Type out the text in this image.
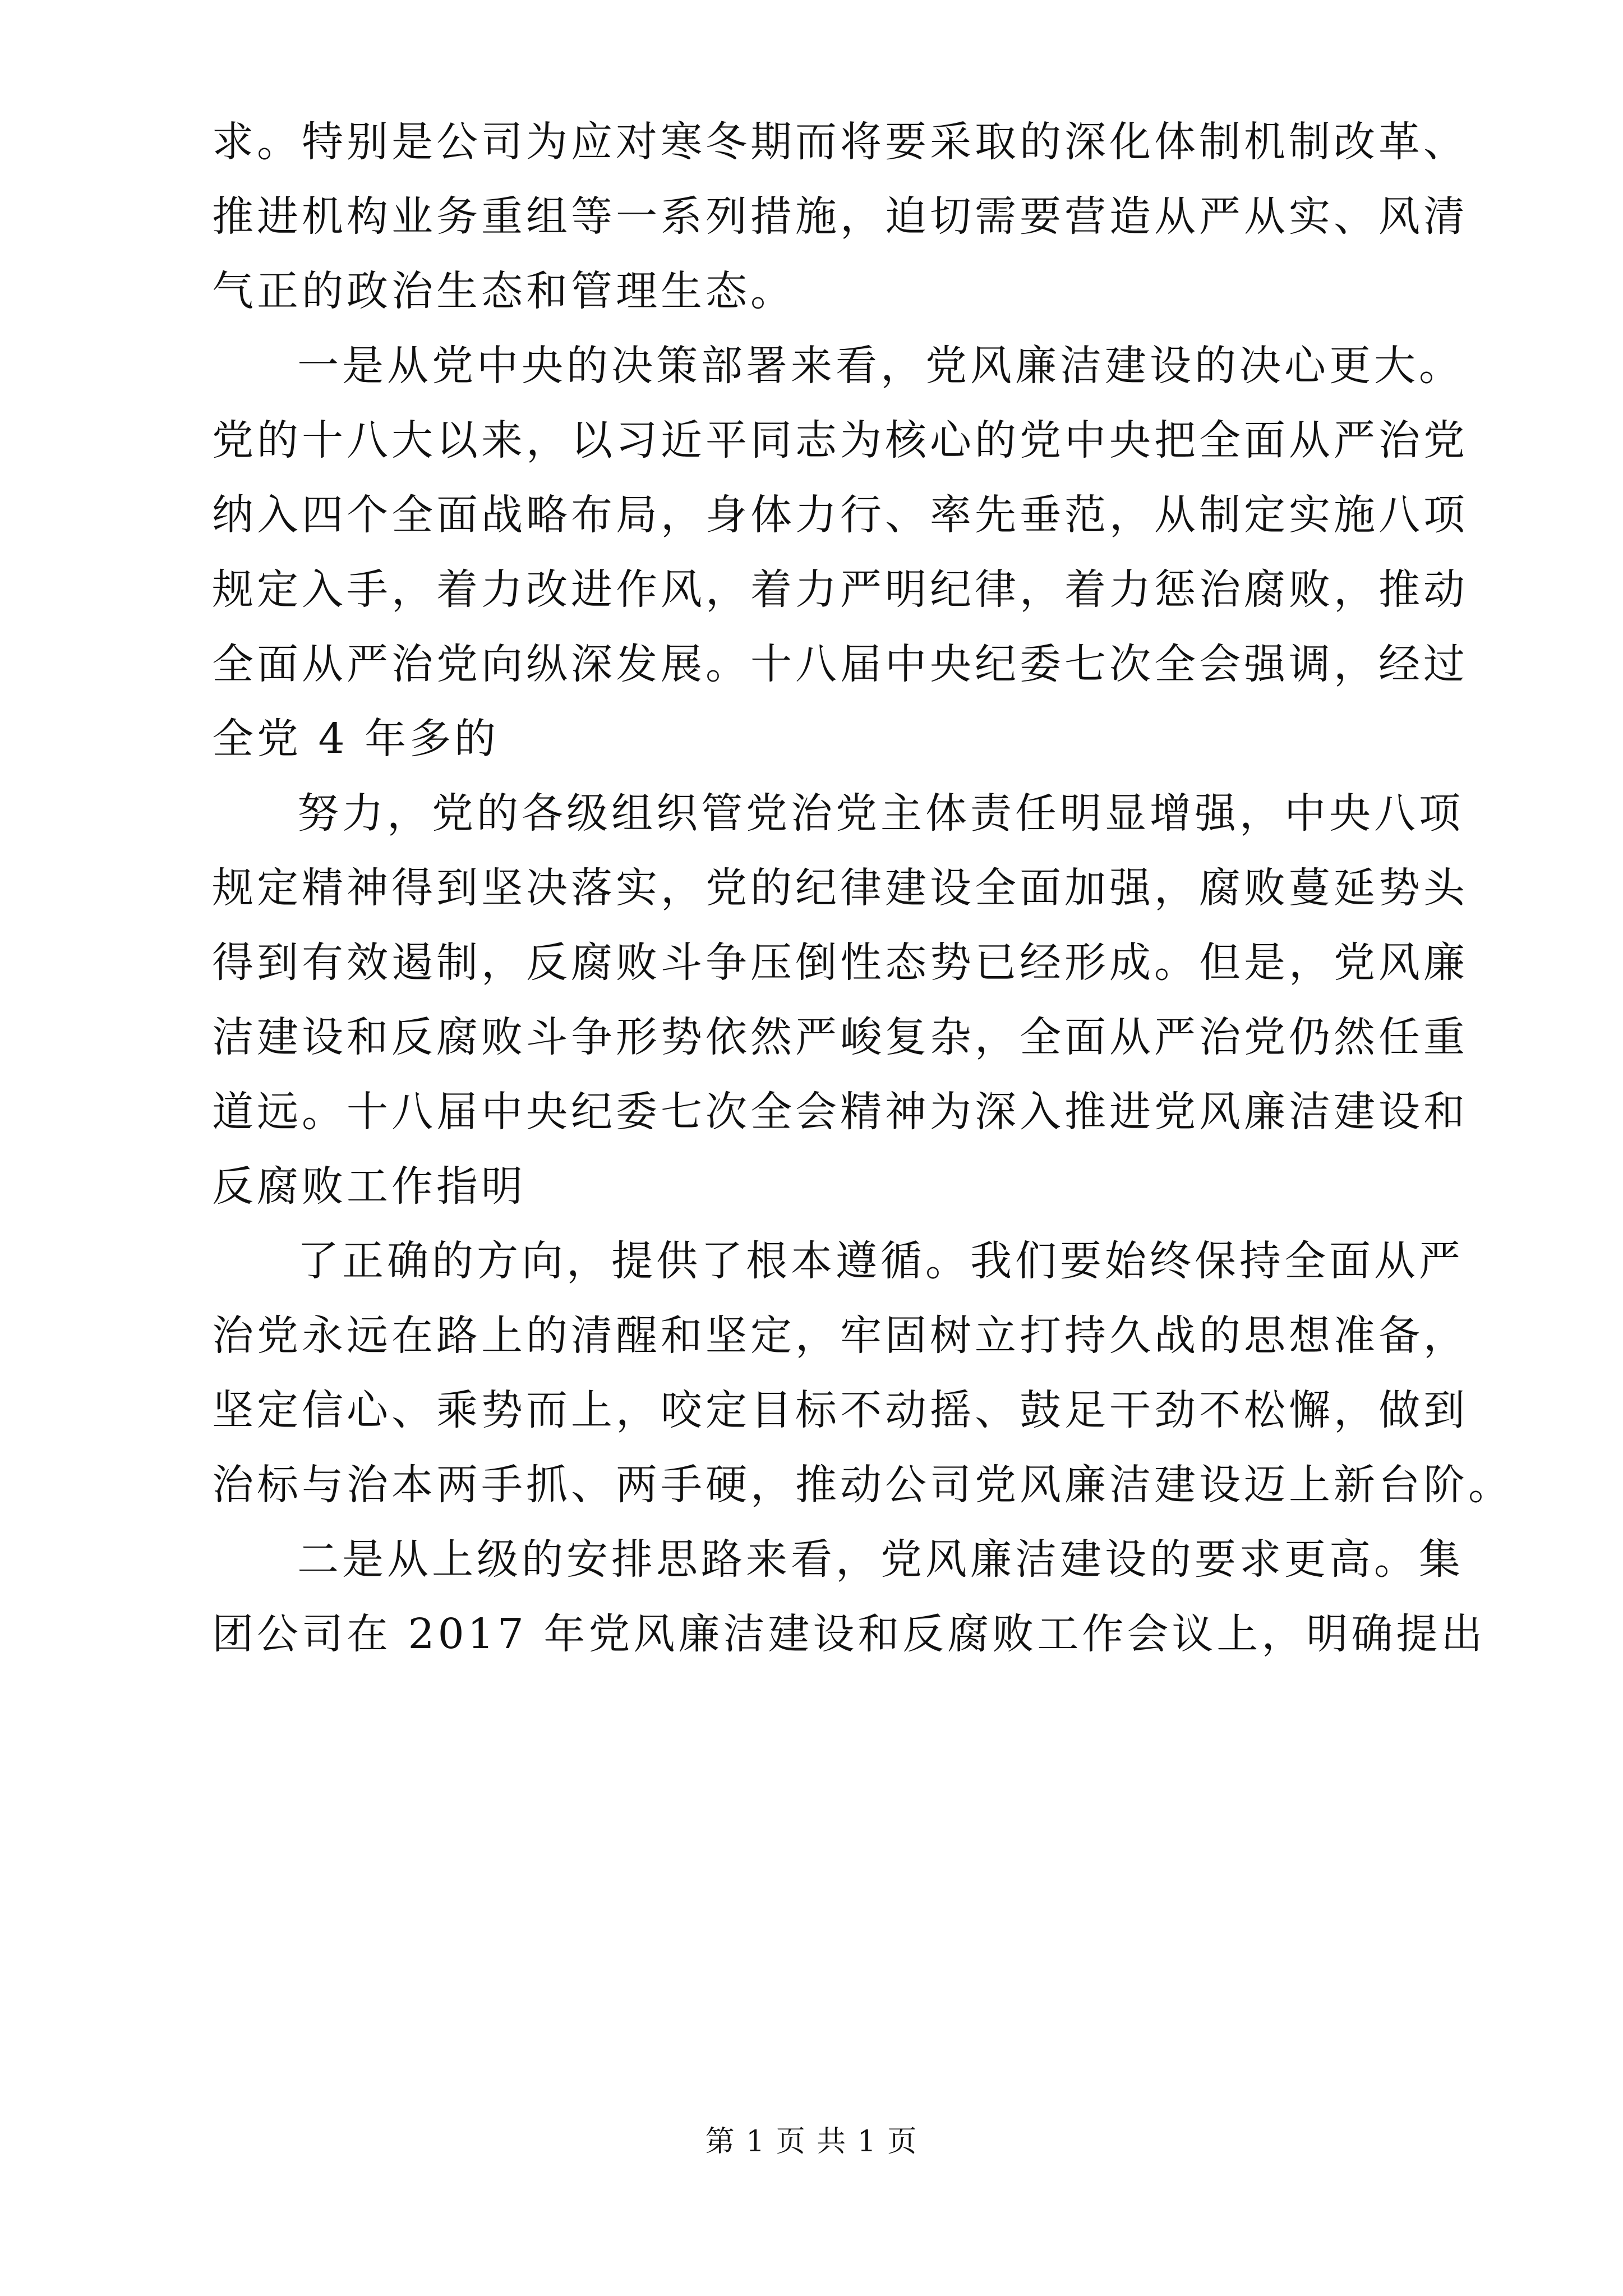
求。特别是公司为应对寒冬期而将要采取的深化体制机制改革、
推进机构业务重组等一系列措施，迫切需要营造从严从实、风清
气正的政治生态和管理生态。
一是从党中央的决策部署来看，党风廉洁建设的决心更大。
党的十八大以来，以习近平同志为核心的党中央把全面从严治党
纳入四个全面战略布局，身体力行、率先垂范，从制定实施八项
规定入手，着力改进作风，着力严明纪律，着力惩治腐败，推动
全面从严治党向纵深发展。十八届中央纪委七次全会强调，经过
全党 4 年多的
努力，党的各级组织管党治党主体责任明显增强，中央八项
规定精神得到坚决落实，党的纪律建设全面加强，腐败蔓延势头
得到有效遏制，反腐败斗争压倒性态势已经形成。但是，党风廉
洁建设和反腐败斗争形势依然严峻复杂，全面从严治党仍然任重
道远。十八届中央纪委七次全会精神为深入推进党风廉洁建设和
反腐败工作指明
了正确的方向，提供了根本遵循。我们要始终保持全面从严
治党永远在路上的清醒和坚定，牢固树立打持久战的思想准备，
坚定信心、乘势而上，咬定目标不动摇、鼓足干劲不松懈，做到
治标与治本两手抓、两手硬，推动公司党风廉洁建设迈上新台阶。
二是从上级的安排思路来看，党风廉洁建设的要求更高。集
团公司在 2017 年党风廉洁建设和反腐败工作会议上，明确提出
第 1 页 共 1 页
